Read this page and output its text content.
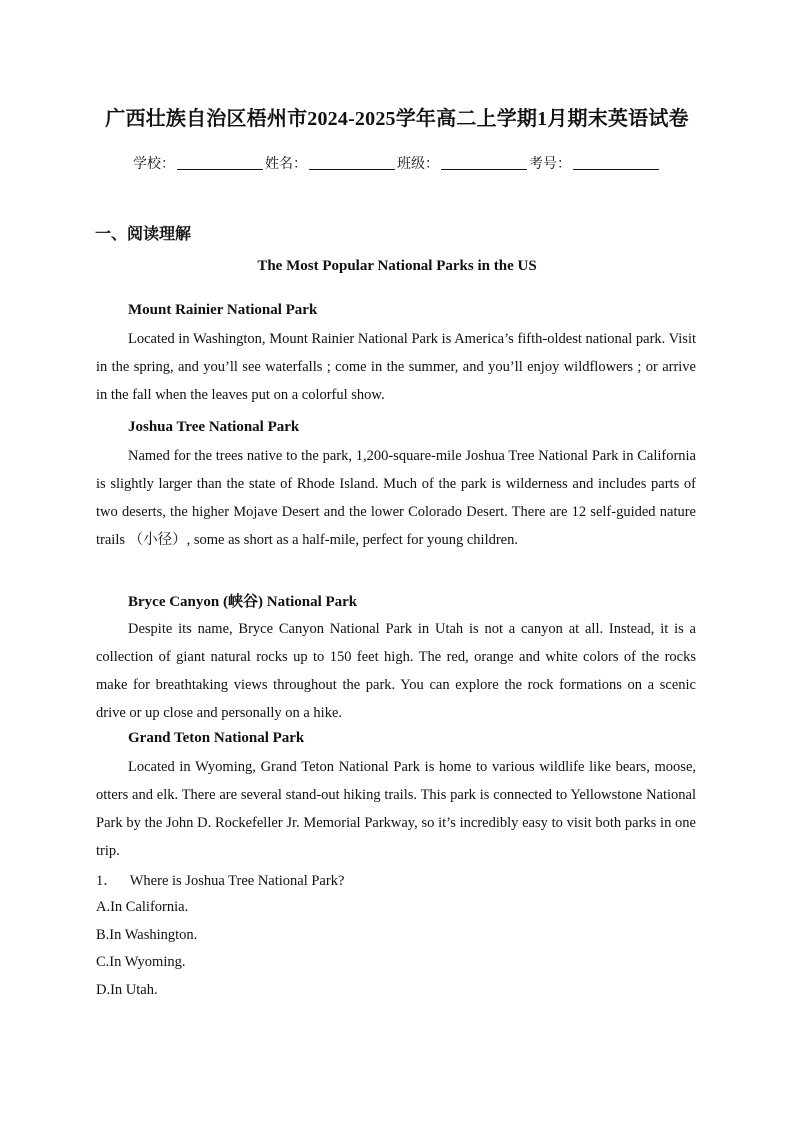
广西壮族自治区梧州市2024-2025学年高二上学期1月期末英语试卷
学校：	姓名：	班级：	考号：
一、阅读理解
The Most Popular National Parks in the US
Mount Rainier National Park
Located in Washington, Mount Rainier National Park is America’s fifth-oldest national park. Visit in the spring, and you’ll see waterfalls ; come in the summer, and you’ll enjoy wildflowers ; or arrive in the fall when the leaves put on a colorful show.
Joshua Tree National Park
Named for the trees native to the park, 1,200-square-mile Joshua Tree National Park in California is slightly larger than the state of Rhode Island. Much of the park is wilderness and includes parts of two deserts, the higher Mojave Desert and the lower Colorado Desert. There are 12 self-guided nature trails （小径）, some as short as a half-mile, perfect for young children.
Bryce Canyon (峡谷) National Park
Despite its name, Bryce Canyon National Park in Utah is not a canyon at all. Instead, it is a collection of giant natural rocks up to 150 feet high. The red, orange and white colors of the rocks make for breathtaking views throughout the park. You can explore the rock formations on a scenic drive or up close and personally on a hike.
Grand Teton National Park
Located in Wyoming, Grand Teton National Park is home to various wildlife like bears, moose, otters and elk. There are several stand-out hiking trails. This park is connected to Yellowstone National Park by the John D. Rockefeller Jr. Memorial Parkway, so it’s incredibly easy to visit both parks in one trip.
1． Where is Joshua Tree National Park?
A.In California.
B.In Washington.
C.In Wyoming.
D.In Utah.
